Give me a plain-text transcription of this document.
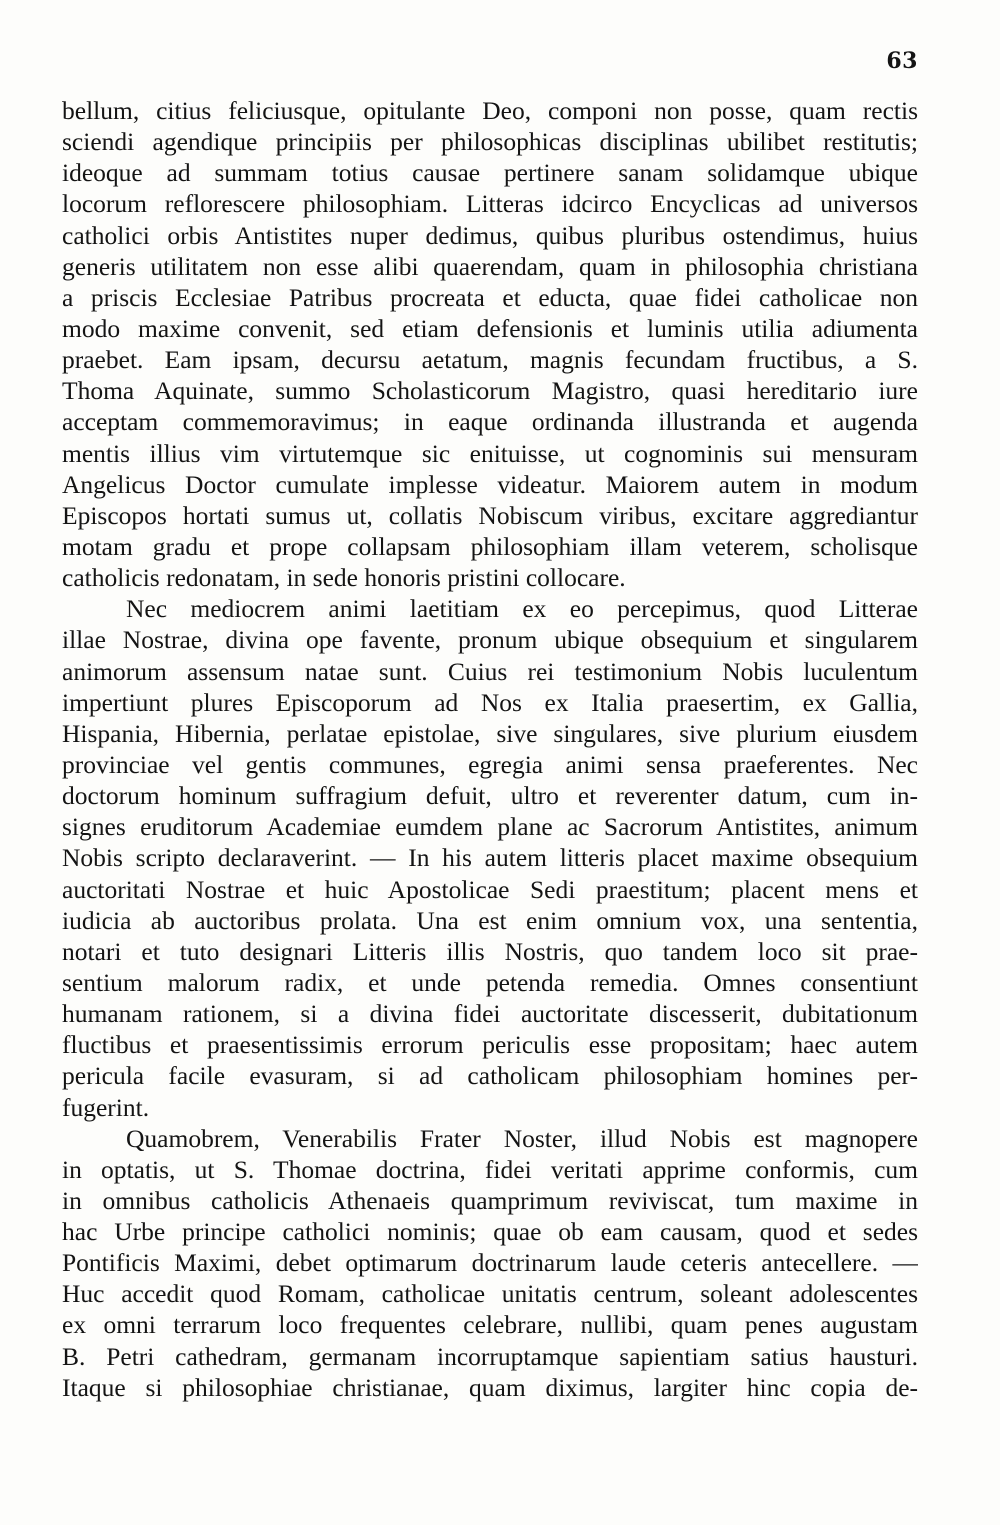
63
bellum, citius feliciusque, opitulante Deo, componi non posse, quam rectis
sciendi agendique principiis per philosophicas disciplinas ubilibet restitutis;
ideoque ad summam totius causae pertinere sanam solidamque ubique
locorum reflorescere philosophiam. Litteras idcirco Encyclicas ad universos
catholici orbis Antistites nuper dedimus, quibus pluribus ostendimus, huius
generis utilitatem non esse alibi quaerendam, quam in philosophia christiana
a priscis Ecclesiae Patribus procreata et educta, quae fidei catholicae non
modo maxime convenit, sed etiam defensionis et luminis utilia adiumenta
praebet. Eam ipsam, decursu aetatum, magnis fecundam fructibus, a S.
Thoma Aquinate, summo Scholasticorum Magistro, quasi hereditario iure
acceptam commemoravimus; in eaque ordinanda illustranda et augenda
mentis illius vim virtutemque sic enituisse, ut cognominis sui mensuram
Angelicus Doctor cumulate implesse videatur. Maiorem autem in modum
Episcopos hortati sumus ut, collatis Nobiscum viribus, excitare aggrediantur
motam gradu et prope collapsam philosophiam illam veterem, scholisque
catholicis redonatam, in sede honoris pristini collocare.
Nec mediocrem animi laetitiam ex eo percepimus, quod Litterae
illae Nostrae, divina ope favente, pronum ubique obsequium et singularem
animorum assensum natae sunt. Cuius rei testimonium Nobis luculentum
impertiunt plures Episcoporum ad Nos ex Italia praesertim, ex Gallia,
Hispania, Hibernia, perlatae epistolae, sive singulares, sive plurium eiusdem
provinciae vel gentis communes, egregia animi sensa praeferentes. Nec
doctorum hominum suffragium defuit, ultro et reverenter datum, cum in-
signes eruditorum Academiae eumdem plane ac Sacrorum Antistites, animum
Nobis scripto declaraverint. — In his autem litteris placet maxime obsequium
auctoritati Nostrae et huic Apostolicae Sedi praestitum; placent mens et
iudicia ab auctoribus prolata. Una est enim omnium vox, una sententia,
notari et tuto designari Litteris illis Nostris, quo tandem loco sit prae-
sentium malorum radix, et unde petenda remedia. Omnes consentiunt
humanam rationem, si a divina fidei auctoritate discesserit, dubitationum
fluctibus et praesentissimis errorum periculis esse propositam; haec autem
pericula facile evasuram, si ad catholicam philosophiam homines per-
fugerint.
Quamobrem, Venerabilis Frater Noster, illud Nobis est magnopere
in optatis, ut S. Thomae doctrina, fidei veritati apprime conformis, cum
in omnibus catholicis Athenaeis quamprimum reviviscat, tum maxime in
hac Urbe principe catholici nominis; quae ob eam causam, quod et sedes
Pontificis Maximi, debet optimarum doctrinarum laude ceteris antecellere. —
Huc accedit quod Romam, catholicae unitatis centrum, soleant adolescentes
ex omni terrarum loco frequentes celebrare, nullibi, quam penes augustam
B. Petri cathedram, germanam incorruptamque sapientiam satius hausturi.
Itaque si philosophiae christianae, quam diximus, largiter hinc copia de-
